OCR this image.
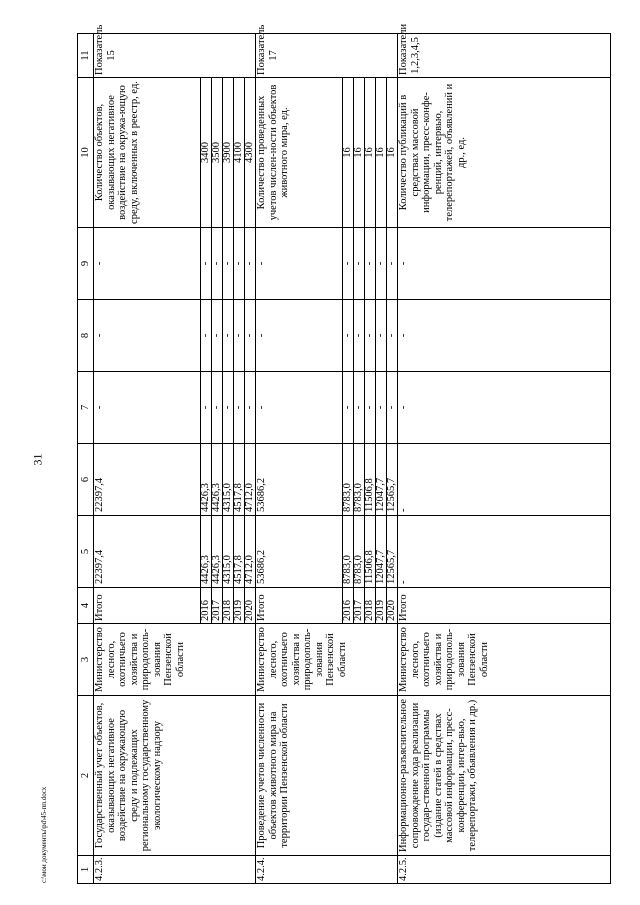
31
c:\мои документы\pd\45-пп.docx	1	2	3	4	5	6	7	8	9	10	11
4.2.3.	Государственный учет объектов, оказывающих негативное воздействие на окружающую среду и подлежащих региональному государственному экологическому надзору	Министерство лесного, охотничьего хозяйства и природополь-зования Пензенской области	Итого	22397,4	22397,4	-	-	-	Количество объектов, оказывающих негативное воздействие на окружа-ющую среду, включенных в реестр, ед.	Показатель 15
			2016	4426,3	4426,3	-	-	-	3400	
			2017	4426,3	4426,3	-	-	-	3500	
			2018	4315,0	4315,0	-	-	-	3900	
			2019	4517,8	4517,8	-	-	-	4100	
			2020	4712,0	4712,0	-	-	-	4300	
4.2.4.	Проведение учетов численности объектов животного мира на территории Пензенской области	Министерство лесного, охотничьего хозяйства и природополь-зования Пензенской области	Итого	53686,2	53686,2	-	-	-	Количество проведенных учетов числен-ности объектов животного мира, ед.	Показатель 17
			2016	8783,0	8783,0	-	-	-	16	
			2017	8783,0	8783,0	-	-	-	16	
			2018	11506,8	11506,8	-	-	-	16	
			2019	12047,7	12047,7	-	-	-	16	
			2020	12565,7	12565,7	-	-	-	16	
4.2.5.	Информационно-разъяснительное сопровождение хода реализации государ-ственной программы (издание статей в средствах массовой информации, пресс-конференции, интер-вью, телерепортажи, объявления и др.)	Министерство лесного, охотничьего хозяйства и природополь-зования Пензенской области	Итого	-	-	-	-	-	Количество публикаций в средствах массовой информации, пресс-конфе-ренций, интервью, телерепортажей, объявлений и др., ед.	Показатели 1,2,3,4,5
